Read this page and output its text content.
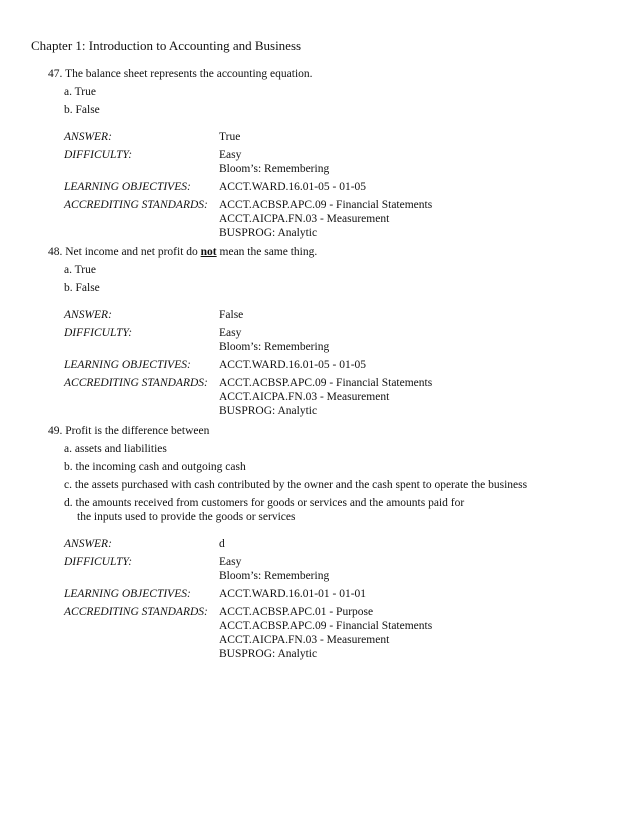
Chapter 1: Introduction to Accounting and Business
47. The balance sheet represents the accounting equation.
a. True
b. False
ANSWER:	True
DIFFICULTY:	Easy
Bloom’s: Remembering
LEARNING OBJECTIVES:	ACCT.WARD.16.01-05 - 01-05
ACCREDITING STANDARDS: ACCT.ACBSP.APC.09 - Financial Statements
ACCT.AICPA.FN.03 - Measurement
BUSPROG: Analytic
48. Net income and net profit do not mean the same thing.
a. True
b. False
ANSWER:	False
DIFFICULTY:	Easy
Bloom’s: Remembering
LEARNING OBJECTIVES:	ACCT.WARD.16.01-05 - 01-05
ACCREDITING STANDARDS: ACCT.ACBSP.APC.09 - Financial Statements
ACCT.AICPA.FN.03 - Measurement
BUSPROG: Analytic
49. Profit is the difference between
a. assets and liabilities
b. the incoming cash and outgoing cash
c. the assets purchased with cash contributed by the owner and the cash spent to operate the business
d. the amounts received from customers for goods or services and the amounts paid for
the inputs used to provide the goods or services
ANSWER:	d
DIFFICULTY:	Easy
Bloom’s: Remembering
LEARNING OBJECTIVES:	ACCT.WARD.16.01-01 - 01-01
ACCREDITING STANDARDS: ACCT.ACBSP.APC.01 - Purpose
ACCT.ACBSP.APC.09 - Financial Statements
ACCT.AICPA.FN.03 - Measurement
BUSPROG: Analytic
